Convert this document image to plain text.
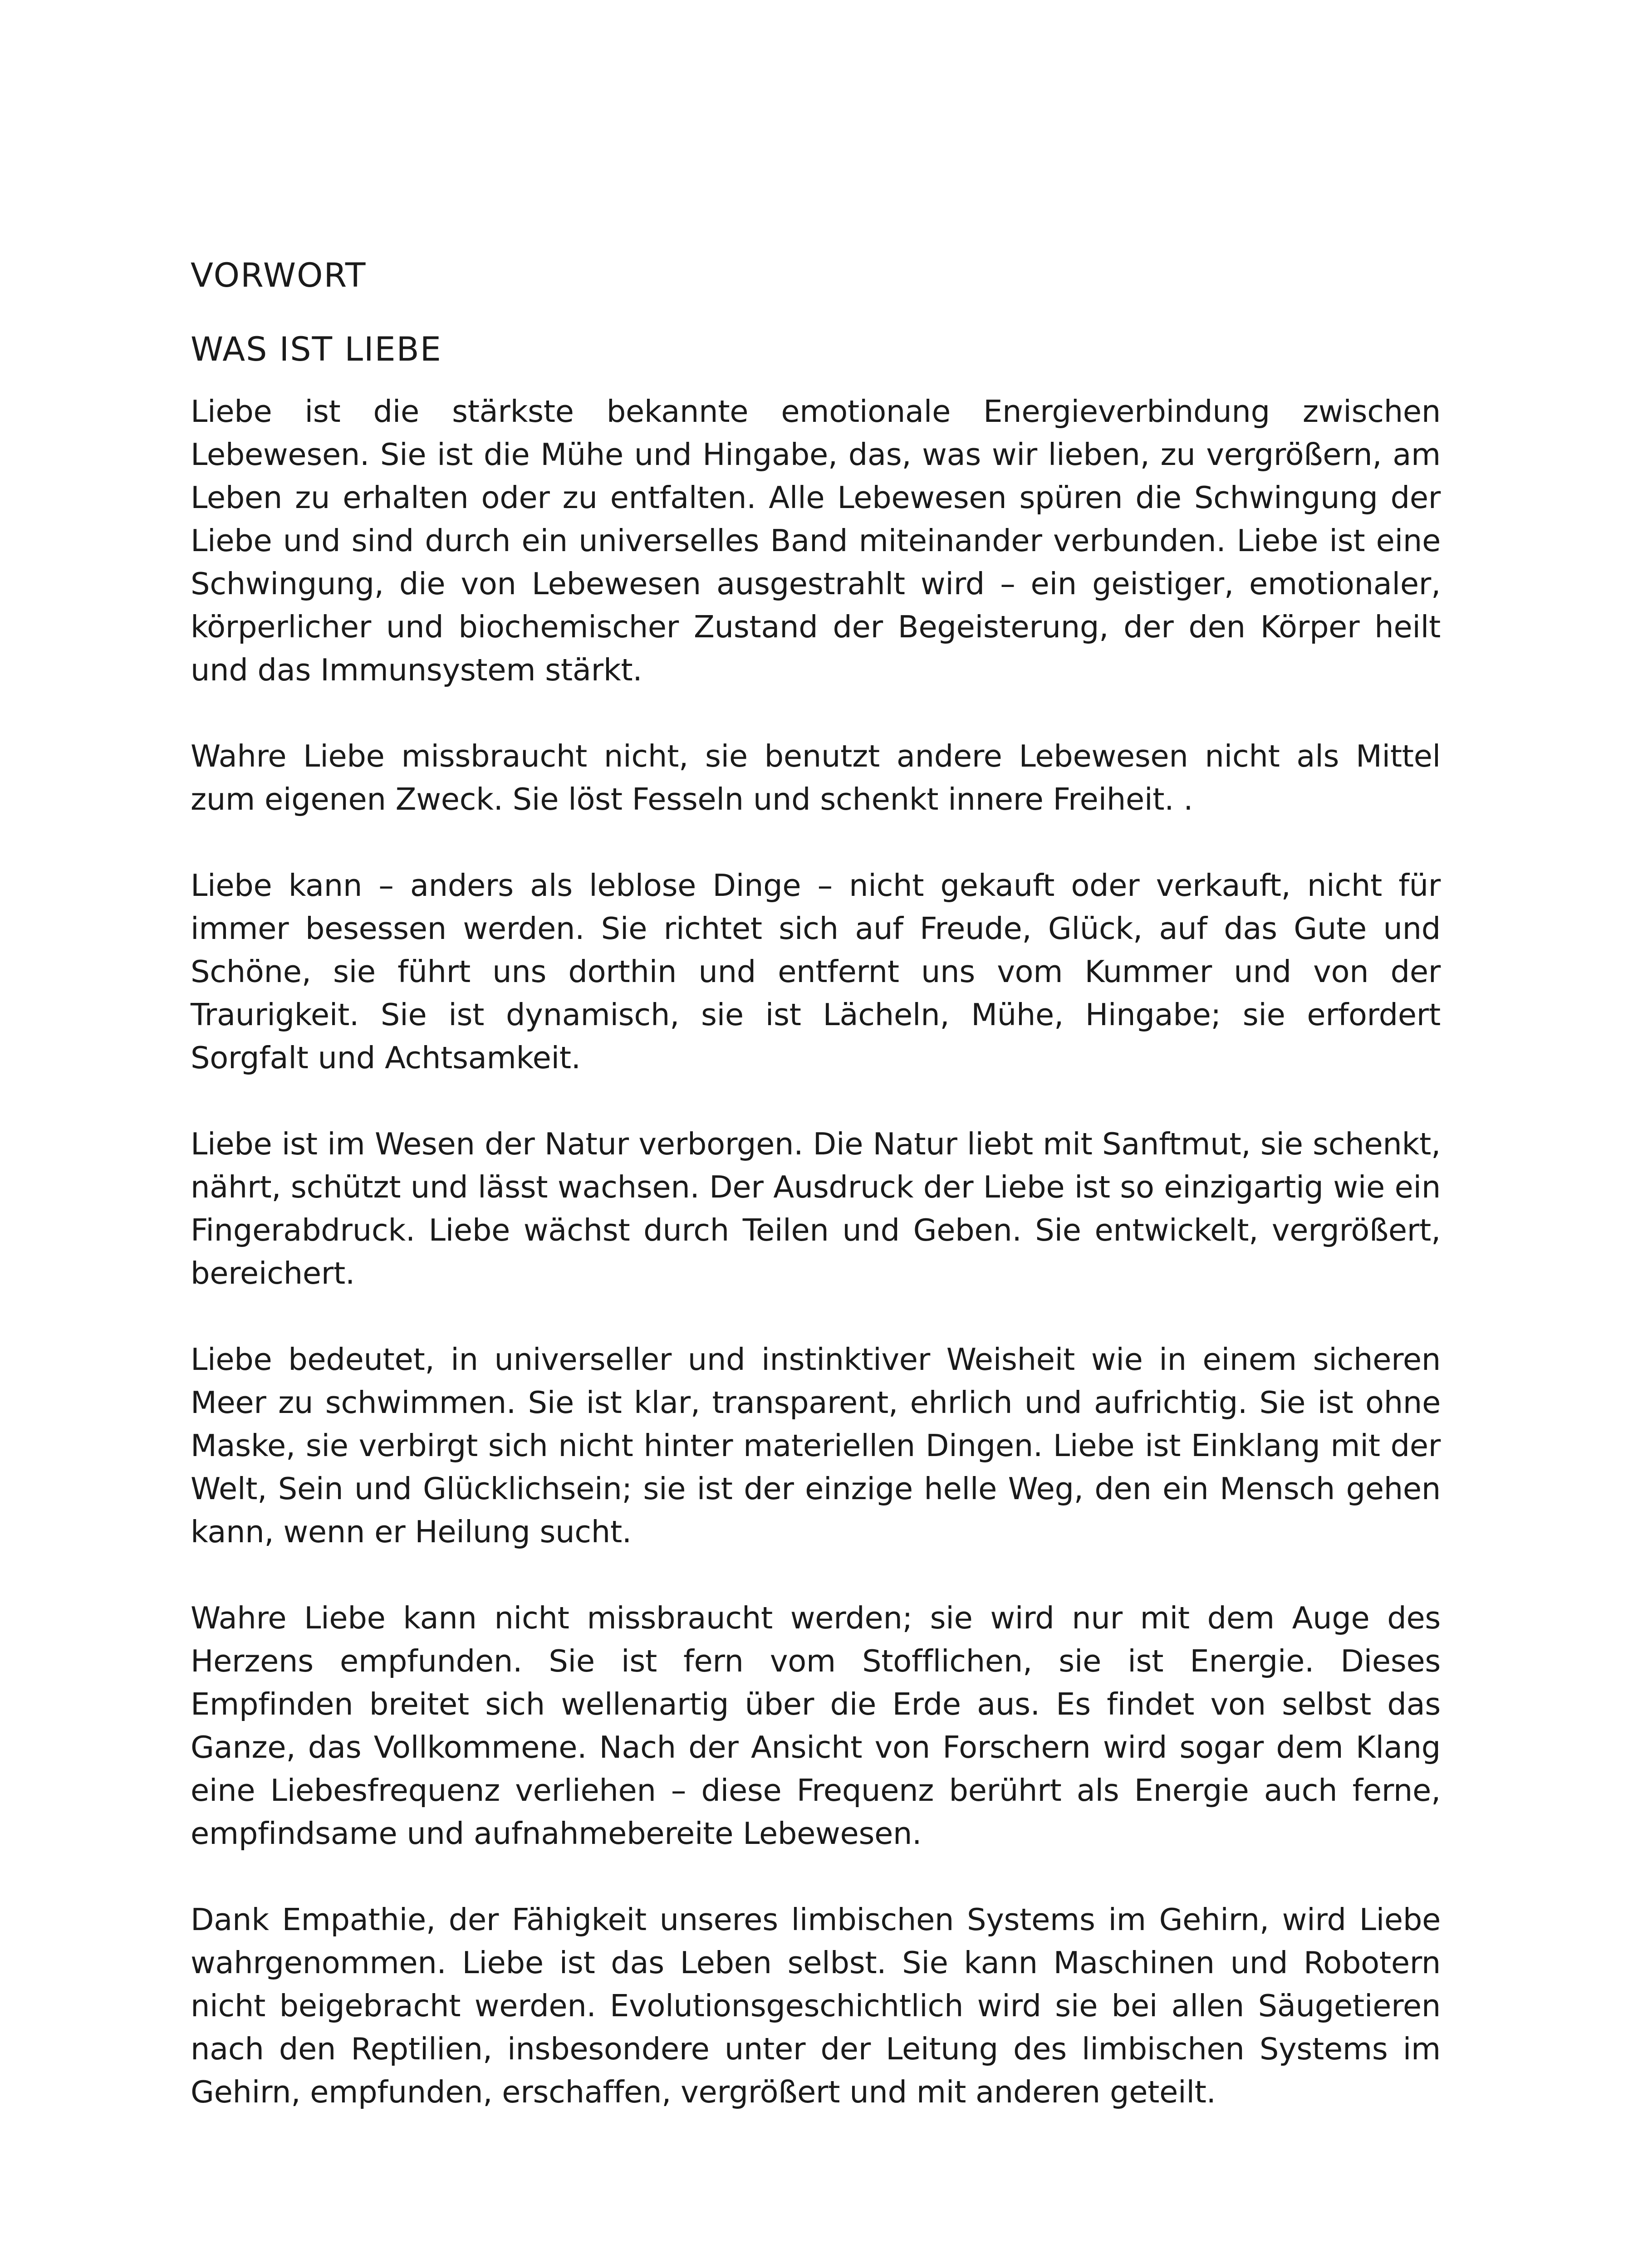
VORWORT
WAS IST LIEBE

Liebe ist die stärkste bekannte emotionale Energieverbindung zwischen Lebewesen. Sie ist die Mühe und Hingabe, das, was wir lieben, zu vergrößern, am Leben zu erhalten oder zu entfalten. Alle Lebewesen spüren die Schwingung der Liebe und sind durch ein universelles Band miteinander verbunden. Liebe ist eine Schwingung, die von Lebewesen ausgestrahlt wird – ein geistiger, emotionaler, körperlicher und biochemischer Zustand der Begeisterung, der den Körper heilt und das Immunsystem stärkt.

Wahre Liebe missbraucht nicht, sie benutzt andere Lebewesen nicht als Mittel zum eigenen Zweck. Sie löst Fesseln und schenkt innere Freiheit. .

Liebe kann – anders als leblose Dinge – nicht gekauft oder verkauft, nicht für immer besessen werden. Sie richtet sich auf Freude, Glück, auf das Gute und Schöne, sie führt uns dorthin und entfernt uns vom Kummer und von der Traurigkeit. Sie ist dynamisch, sie ist Lächeln, Mühe, Hingabe; sie erfordert Sorgfalt und Achtsamkeit.

Liebe ist im Wesen der Natur verborgen. Die Natur liebt mit Sanftmut, sie schenkt, nährt, schützt und lässt wachsen. Der Ausdruck der Liebe ist so einzigartig wie ein Fingerabdruck. Liebe wächst durch Teilen und Geben. Sie entwickelt, vergrößert, bereichert.

Liebe bedeutet, in universeller und instinktiver Weisheit wie in einem sicheren Meer zu schwimmen. Sie ist klar, transparent, ehrlich und aufrichtig. Sie ist ohne Maske, sie verbirgt sich nicht hinter materiellen Dingen. Liebe ist Einklang mit der Welt, Sein und Glücklichsein; sie ist der einzige helle Weg, den ein Mensch gehen kann, wenn er Heilung sucht.

Wahre Liebe kann nicht missbraucht werden; sie wird nur mit dem Auge des Herzens empfunden. Sie ist fern vom Stofflichen, sie ist Energie. Dieses Empfinden breitet sich wellenartig über die Erde aus. Es findet von selbst das Ganze, das Vollkommene. Nach der Ansicht von Forschern wird sogar dem Klang eine Liebesfrequenz verliehen – diese Frequenz berührt als Energie auch ferne, empfindsame und aufnahmebereite Lebewesen.

Dank Empathie, der Fähigkeit unseres limbischen Systems im Gehirn, wird Liebe wahrgenommen. Liebe ist das Leben selbst. Sie kann Maschinen und Robotern nicht beigebracht werden. Evolutionsgeschichtlich wird sie bei allen Säugetieren nach den Reptilien, insbesondere unter der Leitung des limbischen Systems im Gehirn, empfunden, erschaffen, vergrößert und mit anderen geteilt.
